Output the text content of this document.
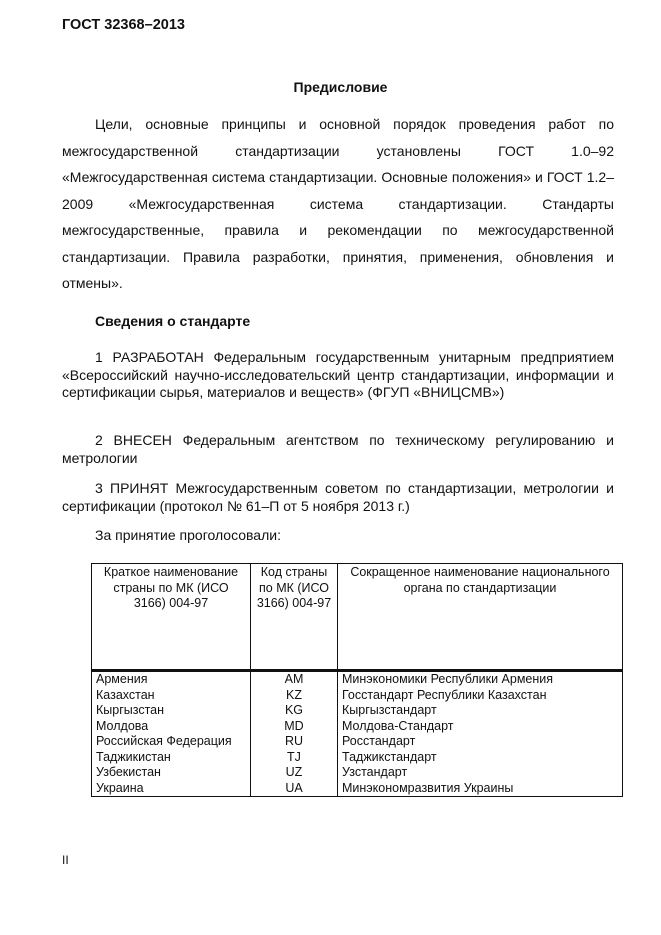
ГОСТ 32368–2013
Предисловие

Цели, основные принципы и основной порядок проведения работ по межгосударственной стандартизации установлены ГОСТ 1.0–92 «Межгосударственная система стандартизации. Основные положения» и ГОСТ 1.2–2009 «Межгосударственная система стандартизации. Стандарты межгосударственные, правила и рекомендации по межгосударственной стандартизации. Правила разработки, принятия, применения, обновления и отмены».

Сведения о стандарте

1 РАЗРАБОТАН Федеральным государственным унитарным предприятием «Всероссийский научно-исследовательский центр стандартизации, информации и сертификации сырья, материалов и веществ» (ФГУП «ВНИЦСМВ»)

2 ВНЕСЕН Федеральным агентством по техническому регулированию и метрологии

3 ПРИНЯТ Межгосударственным советом по стандартизации, метрологии и сертификации (протокол № 61–П от 5 ноября 2013 г.)

За принятие проголосовали:

Краткое наименование страны по МК (ИСО 3166) 004-97	Код страны по МК (ИСО 3166) 004-97	Сокращенное наименование национального органа по стандартизации
Армения	AM	Минэкономики Республики Армения
Казахстан	KZ	Госстандарт Республики Казахстан
Кыргызстан	KG	Кыргызстандарт
Молдова	MD	Молдова-Стандарт
Российская Федерация	RU	Росстандарт
Таджикистан	TJ	Таджикстандарт
Узбекистан	UZ	Узстандарт
Украина	UA	Минэкономразвития Украины
II
